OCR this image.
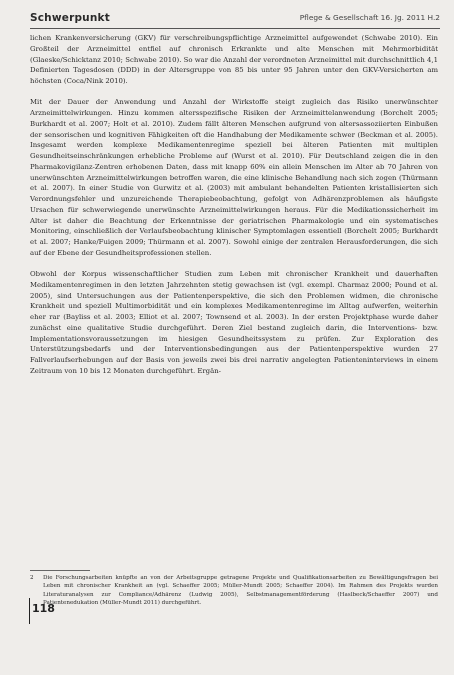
Schwerpunkt	Pflege & Gesellschaft 16. Jg. 2011 H.2

lichen Krankenversicherung (GKV) für verschreibungspflichtige Arzneimittel aufgewendet (Schwabe 2010). Ein Großteil der Arzneimittel entfiel auf chronisch Erkrankte und alte Menschen mit Mehrmorbidität (Glaeske/Schicktanz 2010; Schwabe 2010). So war die Anzahl der verordneten Arzneimittel mit durchschnittlich 4,1 Definierten Tagesdosen (DDD) in der Altersgruppe von 85 bis unter 95 Jahren unter den GKV-Versicherten am höchsten (Coca/Nink 2010).

Mit der Dauer der Anwendung und Anzahl der Wirkstoffe steigt zugleich das Risiko unerwünschter Arzneimittelwirkungen. Hinzu kommen altersspezifische Risiken der Arzneimittelanwendung (Borchelt 2005; Burkhardt et al. 2007; Holt et al. 2010). Zudem fällt älteren Menschen aufgrund von altersassoziierten Einbußen der sensorischen und kognitiven Fähigkeiten oft die Handhabung der Medikamente schwer (Beckman et al. 2005). Insgesamt werden komplexe Medikamentenregime speziell bei älteren Patienten mit multiplen Gesundheitseinschränkungen erhebliche Probleme auf (Wurst et al. 2010). Für Deutschland zeigen die in den Pharmakovigilanz-Zentren erhobenen Daten, dass mit knapp 60% ein allein Menschen im Alter ab 70 Jahren von unerwünschten Arzneimittelwirkungen betroffen waren, die eine klinische Behandlung nach sich zogen (Thürmann et al. 2007). In einer Studie von Gurwitz et al. (2003) mit ambulant behandelten Patienten kristallisierten sich Verordnungsfehler und unzureichende Therapiebeobachtung, gefolgt von Adhärenzproblemen als häufigste Ursachen für schwerwiegende unerwünschte Arzneimittelwirkungen heraus. Für die Medikationssicherheit im Alter ist daher die Beachtung der Erkenntnisse der geriatrischen Pharmakologie und ein systematisches Monitoring, einschließlich der Verlaufsbeobachtung klinischer Symptomlagen essentiell (Borchelt 2005; Burkhardt et al. 2007; Hanke/Fuigen 2009; Thürmann et al. 2007). Sowohl einige der zentralen Herausforderungen, die sich auf der Ebene der Gesundheitsprofessionen stellen.

Obwohl der Korpus wissenschaftlicher Studien zum Leben mit chronischer Krankheit und dauerhaften Medikamentenregimen in den letzten Jahrzehnten stetig gewachsen ist (vgl. exempl. Charmaz 2000; Pound et al. 2005), sind Untersuchungen aus der Patientenperspektive, die sich den Problemen widmen, die chronische Krankheit und speziell Multimorbidität und ein komplexes Medikamentenregime im Alltag aufwerfen, weiterhin eher rar (Bayliss et al. 2003; Elliot et al. 2007; Townsend et al. 2003). In der ersten Projektphase wurde daher zunächst eine qualitative Studie durchgeführt. Deren Ziel bestand zugleich darin, die Interventions- bzw. Implementationsvoraussetzungen im hiesigen Gesundheitssystem zu prüfen. Zur Exploration des Unterstützungsbedarfs und der Interventionsbedingungen aus der Patientenperspektive wurden 27 Fallverlaufserhebungen auf der Basis von jeweils zwei bis drei narrativ angelegten Patienteninterviews in einem Zeitraum von 10 bis 12 Monaten durchgeführt. Ergän-

2	Die Forschungsarbeiten knüpfte an von der Arbeitsgruppe getragene Projekte und Qualifikationsarbeiten zu Bewältigungsfragen bei Leben mit chronischer Krankheit an (vgl. Schaeffer 2005; Müller-Mundt 2005; Schaeffer 2004). Im Rahmen des Projekts wurden Literaturanalysen zur Compliance/Adhärenz (Ludwig 2005), Selbstmanagementförderung (Haslbeck/Schaeffer 2007) und Patientenedukation (Müller-Mundt 2011) durchgeführt.
118
